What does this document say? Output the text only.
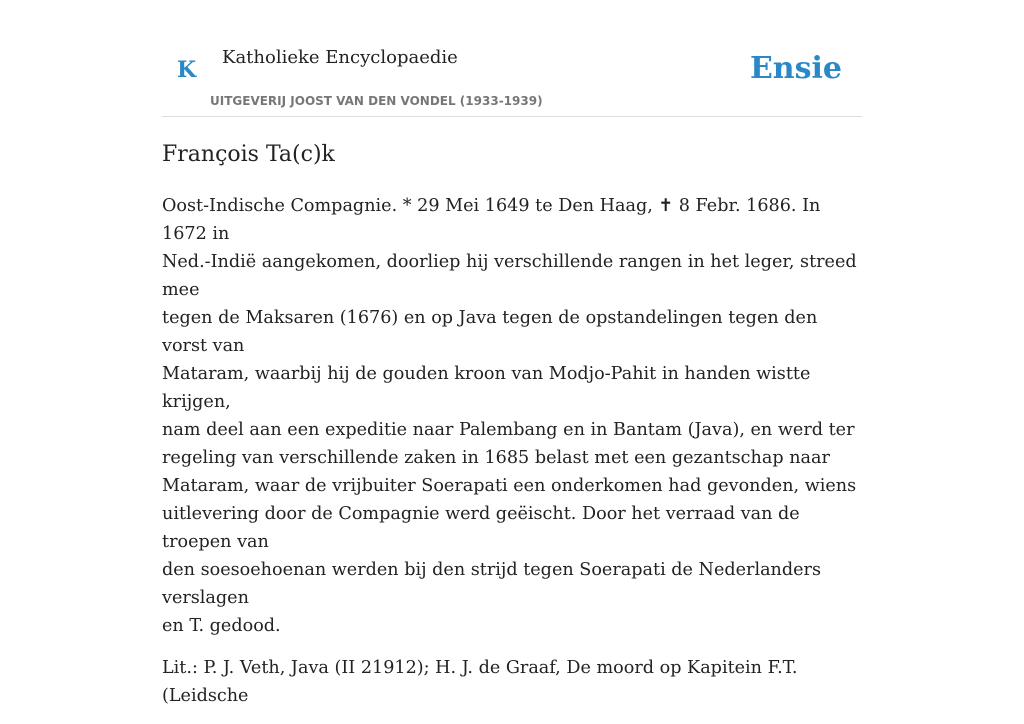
K Katholieke Encyclopaedie
UITGEVERIJ JOOST VAN DEN VONDEL (1933-1939)
Ensie
François Ta(c)k

Oost-Indische Compagnie. * 29 Mei 1649 te Den Haag, ✝ 8 Febr. 1686. In 1672 in
Ned.-Indië aangekomen, doorliep hij verschillende rangen in het leger, streed mee
tegen de Maksaren (1676) en op Java tegen de opstandelingen tegen den vorst van
Mataram, waarbij hij de gouden kroon van Modjo-Pahit in handen wistte krijgen,
nam deel aan een expeditie naar Palembang en in Bantam (Java), en werd ter
regeling van verschillende zaken in 1685 belast met een gezantschap naar
Mataram, waar de vrijbuiter Soerapati een onderkomen had gevonden, wiens
uitlevering door de Compagnie werd geëischt. Door het verraad van de troepen van
den soesoehoenan werden bij den strijd tegen Soerapati de Nederlanders verslagen
en T. gedood.

Lit.: P. J. Veth, Java (II 21912); H. J. de Graaf, De moord op Kapitein F.T. (Leidsche
